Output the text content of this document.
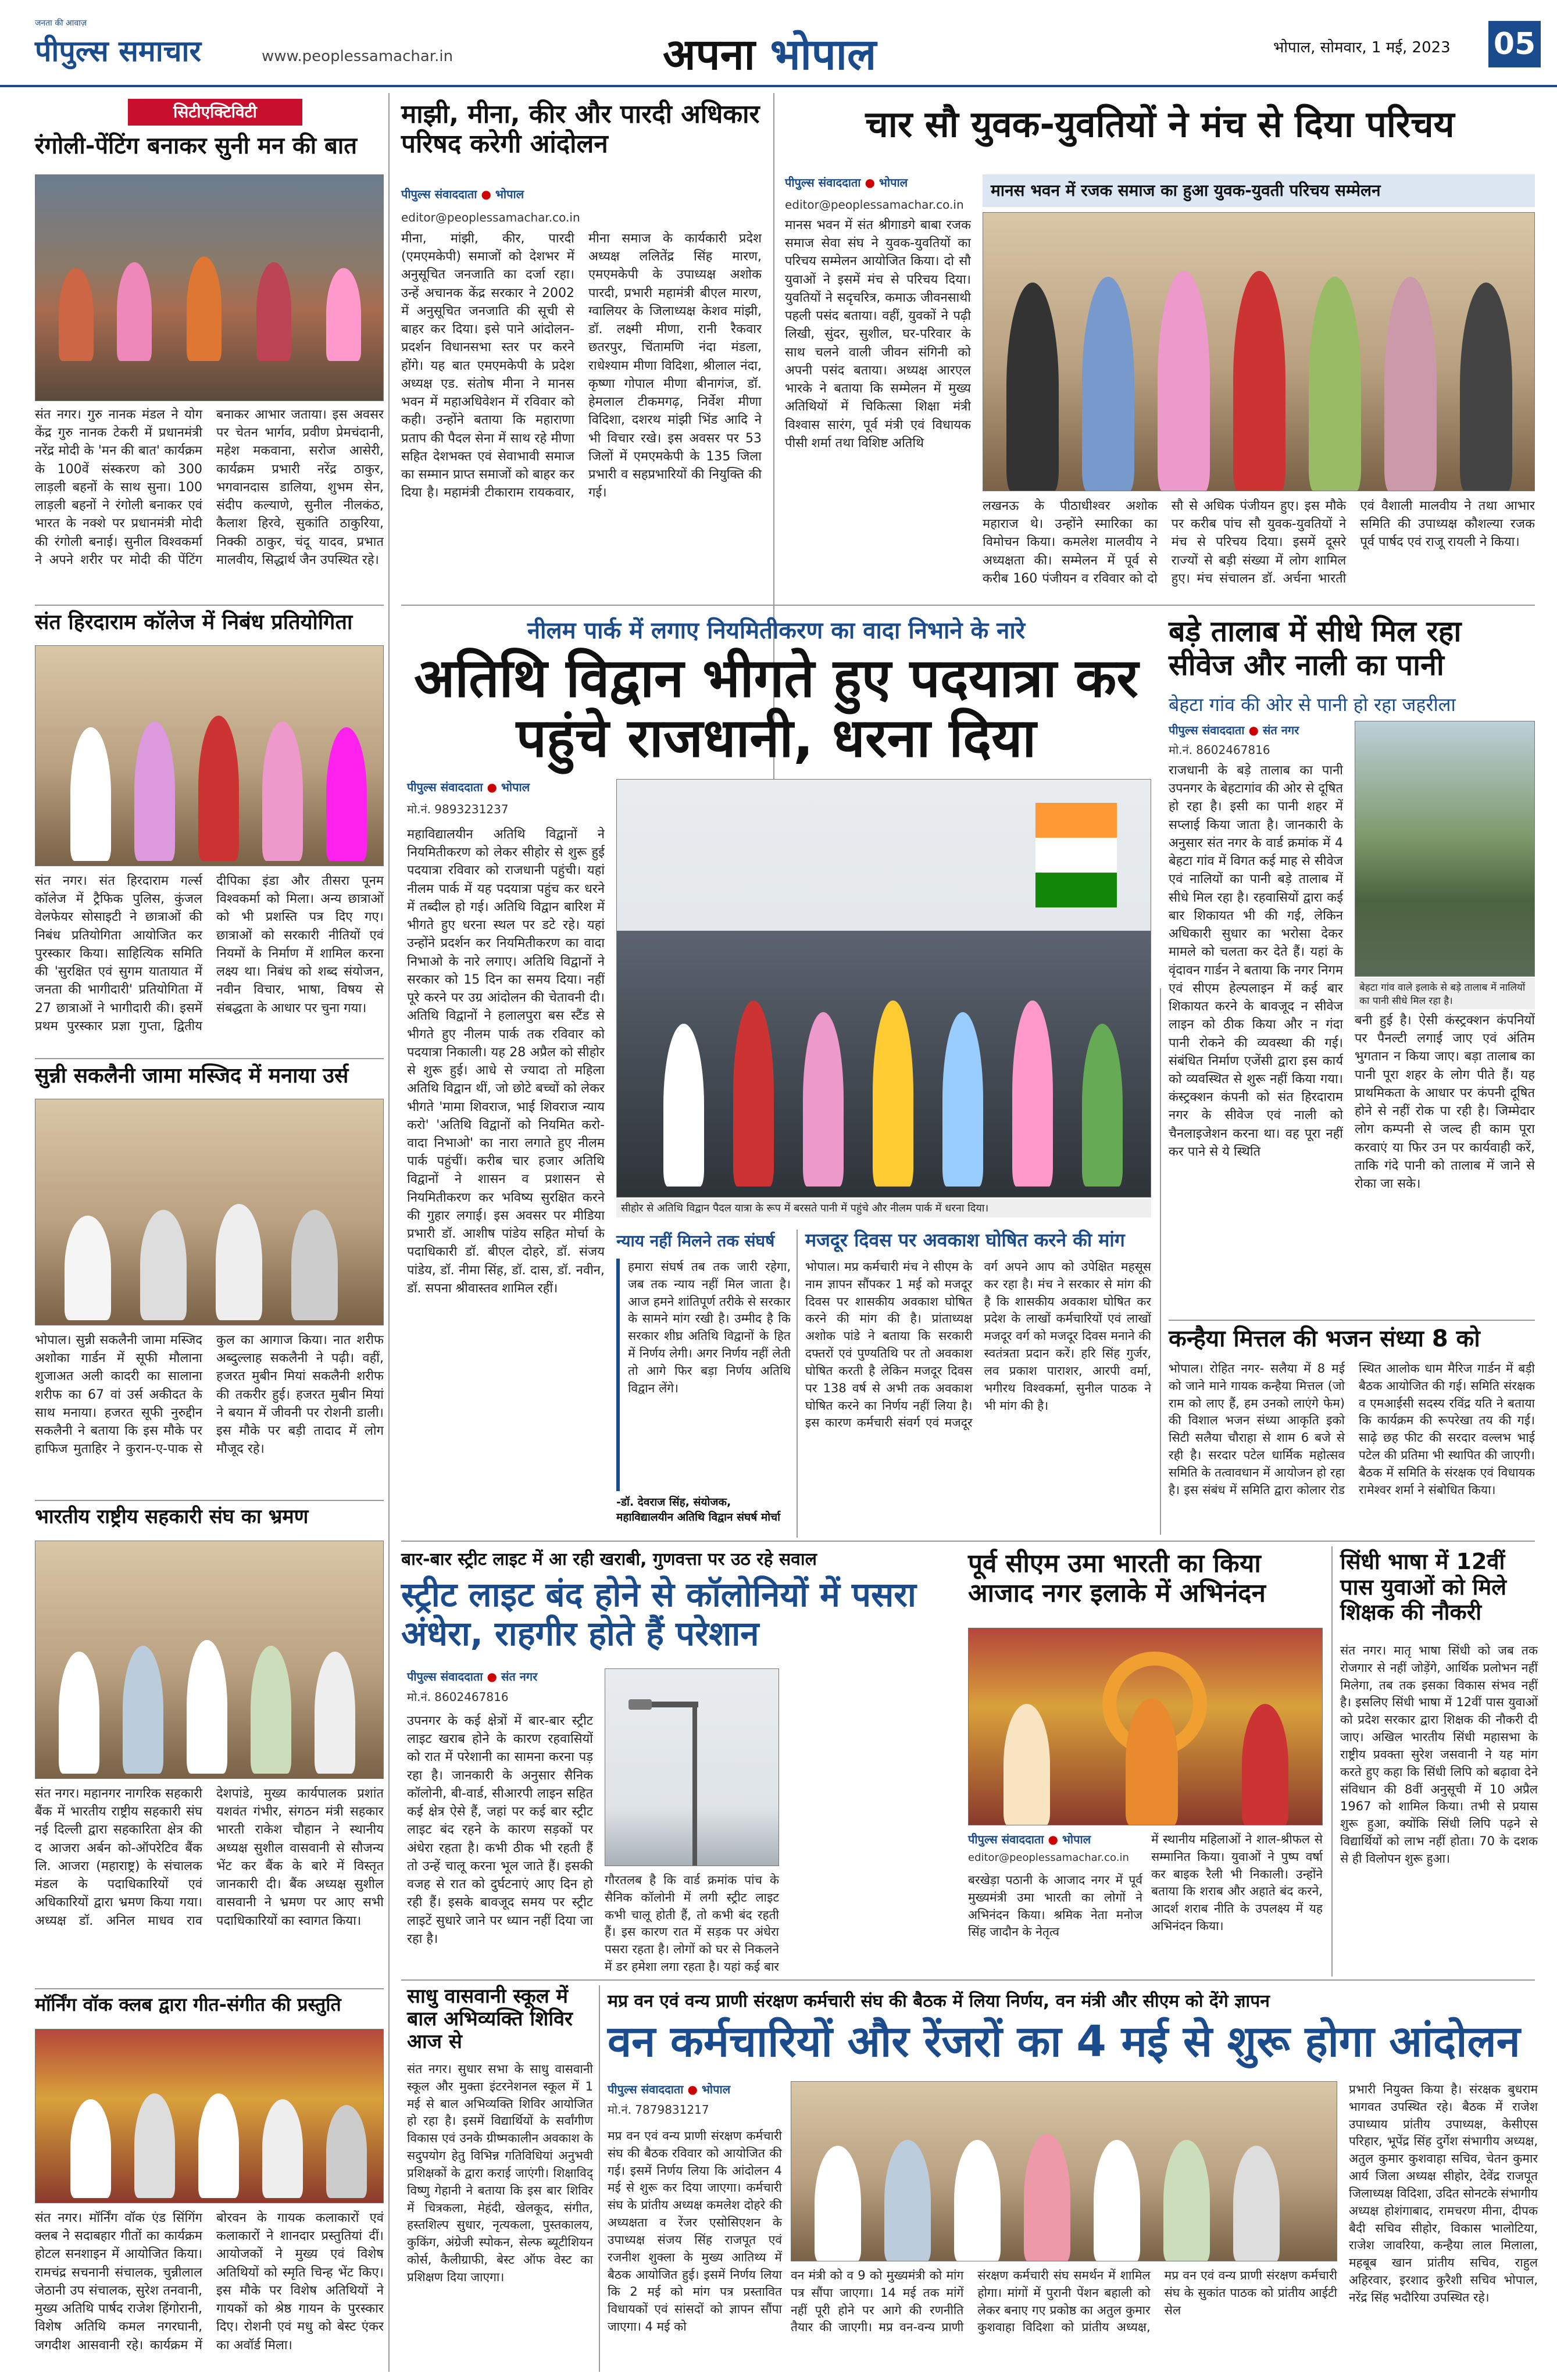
जनता की आवाज़
पीपुल्स समाचार	www.peoplessamachar.in	अपना भोपाल	भोपाल, सोमवार, 1 मई, 2023 05
सिटीएक्टिविटी
रंगोली-पेंटिंग बनाकर सुनी मन की बात
संत नगर। गुरु नानक मंडल ने योग केंद्र गुरु नानक टेकरी में प्रधानमंत्री नरेंद्र मोदी के 'मन की बात' कार्यक्रम के 100वें संस्करण को 300 लाड़ली बहनों के साथ सुना। 100 लाड़ली बहनों ने रंगोली बनाकर एवं भारत के नक्शे पर प्रधानमंत्री मोदी की रंगोली बनाई। सुनील विश्वकर्मा ने अपने शरीर पर मोदी की पेंटिंग बनाकर आभार जताया। इस अवसर पर चेतन भार्गव, प्रवीण प्रेमचंदानी, महेश मकवाना, सरोज आसेरी, कार्यक्रम प्रभारी नरेंद्र ठाकुर, भगवानदास डालिया, शुभम सेन, संदीप कल्याणे, सुनील नीलकंठ, कैलाश हिरवे, सुकांति ठाकुरिया, निक्की ठाकुर, चंदू यादव, प्रभात मालवीय, सिद्धार्थ जैन उपस्थित रहे।
संत हिरदाराम कॉलेज में निबंध प्रतियोगिता
संत नगर। संत हिरदाराम गर्ल्स कॉलेज में ट्रैफिक पुलिस, कुंजल वेलफेयर सोसाइटी ने छात्राओं की निबंध प्रतियोगिता आयोजित कर पुरस्कार किया। साहित्यिक समिति की 'सुरक्षित एवं सुगम यातायात में जनता की भागीदारी' प्रतियोगिता में 27 छात्राओं ने भागीदारी की। इसमें प्रथम पुरस्कार प्रज्ञा गुप्ता, द्वितीय दीपिका इंडा और तीसरा पूनम विश्वकर्मा को मिला। अन्य छात्राओं को भी प्रशस्ति पत्र दिए गए। छात्राओं को सरकारी नीतियों एवं नियमों के निर्माण में शामिल करना लक्ष्य था। निबंध को शब्द संयोजन, नवीन विचार, भाषा, विषय से संबद्धता के आधार पर चुना गया।
सुन्नी सकलैनी जामा मस्जिद में मनाया उर्स
भोपाल। सुन्नी सकलैनी जामा मस्जिद अशोका गार्डन में सूफी मौलाना शुजाअत अली कादरी का सालाना शरीफ का 67 वां उर्स अकीदत के साथ मनाया। हजरत सूफी नुरुद्दीन सकलैनी ने बताया कि इस मौके पर हाफिज मुताहिर ने कुरान-ए-पाक से कुल का आगाज किया। नात शरीफ अब्दुल्लाह सकलैनी ने पढ़ी। वहीं, हजरत मुबीन मियां सकलैनी शरीफ की तकरीर हुई। हजरत मुबीन मियां ने बयान में जीवनी पर रोशनी डाली। इस मौके पर बड़ी तादाद में लोग मौजूद रहे।
भारतीय राष्ट्रीय सहकारी संघ का भ्रमण
संत नगर। महानगर नागरिक सहकारी बैंक में भारतीय राष्ट्रीय सहकारी संघ नई दिल्ली द्वारा सहकारिता क्षेत्र की द आजरा अर्बन को-ऑपरेटिव बैंक लि. आजरा (महाराष्ट्र) के संचालक मंडल के पदाधिकारियों एवं अधिकारियों द्वारा भ्रमण किया गया। अध्यक्ष डॉ. अनिल माधव राव देशपांडे, मुख्य कार्यपालक प्रशांत यशवंत गंभीर, संगठन मंत्री सहकार भारती राकेश चौहान ने स्थानीय अध्यक्ष सुशील वासवानी से सौजन्य भेंट कर बैंक के बारे में विस्तृत जानकारी दी। बैंक अध्यक्ष सुशील वासवानी ने भ्रमण पर आए सभी पदाधिकारियों का स्वागत किया।
मॉर्निंग वॉक क्लब द्वारा गीत-संगीत की प्रस्तुति
संत नगर। मॉर्निंग वॉक एंड सिंगिंग क्लब ने सदाबहार गीतों का कार्यक्रम होटल सनशाइन में आयोजित किया। रामचंद्र सचनानी संचालक, चुन्नीलाल जेठानी उप संचालक, सुरेश तनवानी, मुख्य अतिथि पार्षद राजेश हिंगोरानी, विशेष अतिथि कमल नगरघानी, जगदीश आसवानी रहे। कार्यक्रम में बोरवन के गायक कलाकारों एवं कलाकारों ने शानदार प्रस्तुतियां दीं। आयोजकों ने मुख्य एवं विशेष अतिथियों को स्मृति चिन्ह भेंट किए। इस मौके पर विशेष अतिथियों ने गायकों को श्रेष्ठ गायन के पुरस्कार दिए। रोशनी एवं मधु को बेस्ट एंकर का अवॉर्ड मिला।
माझी, मीना, कीर और पारदी अधिकार परिषद करेगी आंदोलन
पीपुल्स संवाददाता ● भोपाल
editor@peoplessamachar.co.in
मीना, मांझी, कीर, पारदी (एमएमकेपी) समाजों को देशभर में अनुसूचित जनजाति का दर्जा रहा। उन्हें अचानक केंद्र सरकार ने 2002 में अनुसूचित जनजाति की सूची से बाहर कर दिया। इसे पाने आंदोलन-प्रदर्शन विधानसभा स्तर पर करने होंगे। यह बात एमएमकेपी के प्रदेश अध्यक्ष एड. संतोष मीना ने मानस भवन में महाअधिवेशन में रविवार को कही। उन्होंने बताया कि महाराणा प्रताप की पैदल सेना में साथ रहे मीणा सहित देशभक्त एवं सेवाभावी समाज का सम्मान प्राप्त समाजों को बाहर कर दिया है। महामंत्री टीकाराम रायकवार, मीना समाज के कार्यकारी प्रदेश अध्यक्ष ललितेंद्र सिंह मारण, एमएमकेपी के उपाध्यक्ष अशोक पारदी, प्रभारी महामंत्री बीएल मारण, ग्वालियर के जिलाध्यक्ष केशव मांझी, डॉ. लक्ष्मी मीणा, रानी रैकवार छतरपुर, चिंतामणि नंदा मंडला, राधेश्याम मीणा विदिशा, श्रीलाल नंदा, कृष्णा गोपाल मीणा बीनागंज, डॉ. हेमलाल टीकमगढ़, निर्वेश मीणा विदिशा, दशरथ मांझी भिंड आदि ने भी विचार रखे। इस अवसर पर 53 जिलों में एमएमकेपी के 135 जिला प्रभारी व सहप्रभारियों की नियुक्ति की गई।
चार सौ युवक-युवतियों ने मंच से दिया परिचय
पीपुल्स संवाददाता ● भोपाल
editor@peoplessamachar.co.in
मानस भवन में रजक समाज का हुआ युवक-युवती परिचय सम्मेलन
मानस भवन में संत श्रीगाडगे बाबा रजक समाज सेवा संघ ने युवक-युवतियों का परिचय सम्मेलन आयोजित किया। दो सौ युवाओं ने इसमें मंच से परिचय दिया। युवतियों ने सदृचरित्र, कमाऊ जीवनसाथी पहली पसंद बताया। वहीं, युवकों ने पढ़ी लिखी, सुंदर, सुशील, घर-परिवार के साथ चलने वाली जीवन संगिनी को अपनी पसंद बताया। अध्यक्ष आरएल भारके ने बताया कि सम्मेलन में मुख्य अतिथियों में चिकित्सा शिक्षा मंत्री विश्वास सारंग, पूर्व मंत्री एवं विधायक पीसी शर्मा तथा विशिष्ट अतिथि
लखनऊ के पीठाधीश्वर अशोक महाराज थे। उन्होंने स्मारिका का विमोचन किया। कमलेश मालवीय ने अध्यक्षता की। सम्मेलन में पूर्व से करीब 160 पंजीयन व रविवार को दो सौ से अधिक पंजीयन हुए। इस मौके पर करीब पांच सौ युवक-युवतियों ने मंच से परिचय दिया। इसमें दूसरे राज्यों से बड़ी संख्या में लोग शामिल हुए। मंच संचालन डॉ. अर्चना भारती एवं वैशाली मालवीय ने तथा आभार समिति की उपाध्यक्ष कौशल्या रजक पूर्व पार्षद एवं राजू रायली ने किया।
नीलम पार्क में लगाए नियमितीकरण का वादा निभाने के नारे
अतिथि विद्वान भीगते हुए पदयात्रा कर पहुंचे राजधानी, धरना दिया
पीपुल्स संवाददाता ● भोपाल
मो.नं. 9893231237
महाविद्यालयीन अतिथि विद्वानों ने नियमितीकरण को लेकर सीहोर से शुरू हुई पदयात्रा रविवार को राजधानी पहुंची। यहां नीलम पार्क में यह पदयात्रा पहुंच कर धरने में तब्दील हो गई। अतिथि विद्वान बारिश में भीगते हुए धरना स्थल पर डटे रहे। यहां उन्होंने प्रदर्शन कर नियमितीकरण का वादा निभाओ के नारे लगाए। अतिथि विद्वानों ने सरकार को 15 दिन का समय दिया। नहीं पूरे करने पर उग्र आंदोलन की चेतावनी दी। अतिथि विद्वानों ने हलालपुरा बस स्टैंड से भीगते हुए नीलम पार्क तक रविवार को पदयात्रा निकाली। यह 28 अप्रैल को सीहोर से शुरू हुई। आधे से ज्यादा तो महिला अतिथि विद्वान थीं, जो छोटे बच्चों को लेकर भीगते 'मामा शिवराज, भाई शिवराज न्याय करो' 'अतिथि विद्वानों को नियमित करो-वादा निभाओ' का नारा लगाते हुए नीलम पार्क पहुंचीं। करीब चार हजार अतिथि विद्वानों ने शासन व प्रशासन से नियमितीकरण कर भविष्य सुरक्षित करने की गुहार लगाई। इस अवसर पर मीडिया प्रभारी डॉ. आशीष पांडेय सहित मोर्चा के पदाधिकारी डॉ. बीएल दोहरे, डॉ. संजय पांडेय, डॉ. नीमा सिंह, डॉ. दास, डॉ. नवीन, डॉ. सपना श्रीवास्तव शामिल रहीं।
सीहोर से अतिथि विद्वान पैदल यात्रा के रूप में बरसते पानी में पहुंचे और नीलम पार्क में धरना दिया।
न्याय नहीं मिलने तक संघर्ष
हमारा संघर्ष तब तक जारी रहेगा, जब तक न्याय नहीं मिल जाता है। आज हमने शांतिपूर्ण तरीके से सरकार के सामने मांग रखी है। उम्मीद है कि सरकार शीघ्र अतिथि विद्वानों के हित में निर्णय लेगी। अगर निर्णय नहीं लेती तो आगे फिर बड़ा निर्णय अतिथि विद्वान लेंगे।
-डॉ. देवराज सिंह, संयोजक, महाविद्यालयीन अतिथि विद्वान संघर्ष मोर्चा
मजदूर दिवस पर अवकाश घोषित करने की मांग
भोपाल। मप्र कर्मचारी मंच ने सीएम के नाम ज्ञापन सौंपकर 1 मई को मजदूर दिवस पर शासकीय अवकाश घोषित करने की मांग की है। प्रांताध्यक्ष अशोक पांडे ने बताया कि सरकारी दफ्तरों एवं पुण्यतिथि पर तो अवकाश घोषित करती है लेकिन मजदूर दिवस पर 138 वर्ष से अभी तक अवकाश घोषित करने का निर्णय नहीं लिया है। इस कारण कर्मचारी संवर्ग एवं मजदूर वर्ग अपने आप को उपेक्षित महसूस कर रहा है। मंच ने सरकार से मांग की है कि शासकीय अवकाश घोषित कर प्रदेश के लाखों कर्मचारियों एवं लाखों मजदूर वर्ग को मजदूर दिवस मनाने की स्वतंत्रता प्रदान करें। हरि सिंह गुर्जर, लव प्रकाश पाराशर, आरपी वर्मा, भगीरथ विश्वकर्मा, सुनील पाठक ने भी मांग की है।
बड़े तालाब में सीधे मिल रहा सीवेज और नाली का पानी
बेहटा गांव की ओर से पानी हो रहा जहरीला
पीपुल्स संवाददाता ● संत नगर
मो.नं. 8602467816
राजधानी के बड़े तालाब का पानी उपनगर के बेहटागांव की ओर से दूषित हो रहा है। इसी का पानी शहर में सप्लाई किया जाता है। जानकारी के अनुसार संत नगर के वार्ड क्रमांक में 4 बेहटा गांव में विगत कई माह से सीवेज एवं नालियों का पानी बड़े तालाब में सीधे मिल रहा है। रहवासियों द्वारा कई बार शिकायत भी की गई, लेकिन अधिकारी सुधार का भरोसा देकर मामले को चलता कर देते हैं। यहां के वृंदावन गार्डन ने बताया कि नगर निगम एवं सीएम हेल्पलाइन में कई बार शिकायत करने के बावजूद न सीवेज लाइन को ठीक किया और न गंदा पानी रोकने की व्यवस्था की गई। संबंधित निर्माण एजेंसी द्वारा इस कार्य को व्यवस्थित से शुरू नहीं किया गया। कंस्ट्रक्शन कंपनी को संत हिरदाराम नगर के सीवेज एवं नाली को चैनलाइजेशन करना था। वह पूरा नहीं कर पाने से ये स्थिति
बेहटा गांव वाले इलाके से बड़े तालाब में नालियों का पानी सीधे मिल रहा है।
बनी हुई है। ऐसी कंस्ट्रक्शन कंपनियों पर पैनल्टी लगाई जाए एवं अंतिम भुगतान न किया जाए। बड़ा तालाब का पानी पूरा शहर के लोग पीते हैं। यह प्राथमिकता के आधार पर कंपनी दूषित होने से नहीं रोक पा रही है। जिम्मेदार लोग कम्पनी से जल्द ही काम पूरा करवाएं या फिर उन पर कार्यवाही करें, ताकि गंदे पानी को तालाब में जाने से रोका जा सके।
कन्हैया मित्तल की भजन संध्या 8 को
भोपाल। रोहित नगर- सलैया में 8 मई को जाने माने गायक कन्हैया मित्तल (जो राम को लाए हैं, हम उनको लाएंगे फेम) की विशाल भजन संध्या आकृति इको सिटी सलैया चौराहा से शाम 6 बजे से रही है। सरदार पटेल धार्मिक महोत्सव समिति के तत्वावधान में आयोजन हो रहा है। इस संबंध में समिति द्वारा कोलार रोड स्थित आलोक धाम मैरिज गार्डन में बड़ी बैठक आयोजित की गई। समिति संरक्षक व एमआईसी सदस्य रविंद्र यति ने बताया कि कार्यक्रम की रूपरेखा तय की गई। साढ़े छह फीट की सरदार वल्लभ भाई पटेल की प्रतिमा भी स्थापित की जाएगी। बैठक में समिति के संरक्षक एवं विधायक रामेश्वर शर्मा ने संबोधित किया।
बार-बार स्ट्रीट लाइट में आ रही खराबी, गुणवत्ता पर उठ रहे सवाल
स्ट्रीट लाइट बंद होने से कॉलोनियों में पसरा अंधेरा, राहगीर होते हैं परेशान
पीपुल्स संवाददाता ● संत नगर
मो.नं. 8602467816
उपनगर के कई क्षेत्रों में बार-बार स्ट्रीट लाइट खराब होने के कारण रहवासियों को रात में परेशानी का सामना करना पड़ रहा है। जानकारी के अनुसार सैनिक कॉलोनी, बी-वार्ड, सीआरपी लाइन सहित कई क्षेत्र ऐसे हैं, जहां पर कई बार स्ट्रीट लाइट बंद रहने के कारण सड़कों पर अंधेरा रहता है। कभी ठीक भी रहती हैं तो उन्हें चालू करना भूल जाते हैं। इसकी वजह से रात को दुर्घटनाएं आए दिन हो रही हैं। इसके बावजूद समय पर स्ट्रीट लाइटें सुधारे जाने पर ध्यान नहीं दिया जा रहा है।
गौरतलब है कि वार्ड क्रमांक पांच के सैनिक कॉलोनी में लगी स्ट्रीट लाइट कभी चालू होती हैं, तो कभी बंद रहती हैं। इस कारण रात में सड़क पर अंधेरा पसरा रहता है। लोगों को घर से निकलने में डर हमेशा लगा रहता है। यहां कई बार
पूर्व सीएम उमा भारती का किया आजाद नगर इलाके में अभिनंदन
पीपुल्स संवाददाता ● भोपाल
editor@peoplessamachar.co.in
बरखेड़ा पठानी के आजाद नगर में पूर्व मुख्यमंत्री उमा भारती का लोगों ने अभिनंदन किया। श्रमिक नेता मनोज सिंह जादौन के नेतृत्व
में स्थानीय महिलाओं ने शाल-श्रीफल से सम्मानित किया। युवाओं ने पुष्प वर्षा कर बाइक रैली भी निकाली। उन्होंने बताया कि शराब और अहाते बंद करने, आदर्श शराब नीति के उपलक्ष्य में यह अभिनंदन किया।
सिंधी भाषा में 12वीं पास युवाओं को मिले शिक्षक की नौकरी
संत नगर। मातृ भाषा सिंधी को जब तक रोजगार से नहीं जोड़ेंगे, आर्थिक प्रलोभन नहीं मिलेगा, तब तक इसका विकास संभव नहीं है। इसलिए सिंधी भाषा में 12वीं पास युवाओं को प्रदेश सरकार द्वारा शिक्षक की नौकरी दी जाए। अखिल भारतीय सिंधी महासभा के राष्ट्रीय प्रवक्ता सुरेश जसवानी ने यह मांग करते हुए कहा कि सिंधी लिपि को बढ़ावा देने संविधान की 8वीं अनुसूची में 10 अप्रैल 1967 को शामिल किया। तभी से प्रयास शुरू हुआ, क्योंकि सिंधी लिपि पढ़ने से विद्यार्थियों को लाभ नहीं होता। 70 के दशक से ही विलोपन शुरू हुआ।
साधु वासवानी स्कूल में बाल अभिव्यक्ति शिविर आज से
संत नगर। सुधार सभा के साधु वासवानी स्कूल और मुक्ता इंटरनेशनल स्कूल में 1 मई से बाल अभिव्यक्ति शिविर आयोजित हो रहा है। इसमें विद्यार्थियों के सर्वांगीण विकास एवं उनके ग्रीष्मकालीन अवकाश के सदुपयोग हेतु विभिन्न गतिविधियां अनुभवी प्रशिक्षकों के द्वारा कराई जाएंगी। शिक्षाविद् विष्णु गेहानी ने बताया कि इस बार शिविर में चित्रकला, मेहंदी, खेलकूद, संगीत, हस्तशिल्प सुधार, नृत्यकला, पुस्तकालय, कुकिंग, अंग्रेजी स्पोकन, सेल्फ ब्यूटीशियन कोर्स, कैलीग्राफी, बेस्ट ऑफ वेस्ट का प्रशिक्षण दिया जाएगा।
मप्र वन एवं वन्य प्राणी संरक्षण कर्मचारी संघ की बैठक में लिया निर्णय, वन मंत्री और सीएम को देंगे ज्ञापन
वन कर्मचारियों और रेंजरों का 4 मई से शुरू होगा आंदोलन
पीपुल्स संवाददाता ● भोपाल
मो.नं. 7879831217
मप्र वन एवं वन्य प्राणी संरक्षण कर्मचारी संघ की बैठक रविवार को आयोजित की गई। इसमें निर्णय लिया कि आंदोलन 4 मई से शुरू कर दिया जाएगा। कर्मचारी संघ के प्रांतीय अध्यक्ष कमलेश दोहरे की अध्यक्षता व रेंजर एसोसिएशन के उपाध्यक्ष संजय सिंह राजपूत एवं रजनीश शुक्ला के मुख्य आतिथ्य में बैठक आयोजित हुई। इसमें निर्णय लिया कि 2 मई को मांग पत्र प्रस्तावित विधायकों एवं सांसदों को ज्ञापन सौंपा जाएगा। 4 मई को
वन मंत्री को व 9 को मुख्यमंत्री को मांग पत्र सौंपा जाएगा। 14 मई तक मांगें नहीं पूरी होने पर आगे की रणनीति तैयार की जाएगी। मप्र वन-वन्य प्राणी संरक्षण कर्मचारी संघ समर्थन में शामिल होगा। मांगों में पुरानी पेंशन बहाली को लेकर बनाए गए प्रकोष्ठ का अतुल कुमार कुशवाहा विदिशा को प्रांतीय अध्यक्ष, मप्र वन एवं वन्य प्राणी संरक्षण कर्मचारी संघ के सुकांत पाठक को प्रांतीय आईटी सेल
प्रभारी नियुक्त किया है। संरक्षक बुधराम भागवत उपस्थित रहे। बैठक में राजेश उपाध्याय प्रांतीय उपाध्यक्ष, केसीएस परिहार, भूपेंद्र सिंह दुर्गेश संभागीय अध्यक्ष, अतुल कुमार कुशवाहा सचिव, चेतन कुमार आर्य जिला अध्यक्ष सीहोर, देवेंद्र राजपूत जिलाध्यक्ष विदिशा, उदित सोनटके संभागीय अध्यक्ष होशंगाबाद, रामचरण मीना, दीपक बैदी सचिव सीहोर, विकास भालोटिया, राजेश जावरिया, कन्हैया लाल मिलाला, महबूब खान प्रांतीय सचिव, राहुल अहिरवार, इरशाद कुरैशी सचिव भोपाल, नरेंद्र सिंह भदौरिया उपस्थित रहे।
